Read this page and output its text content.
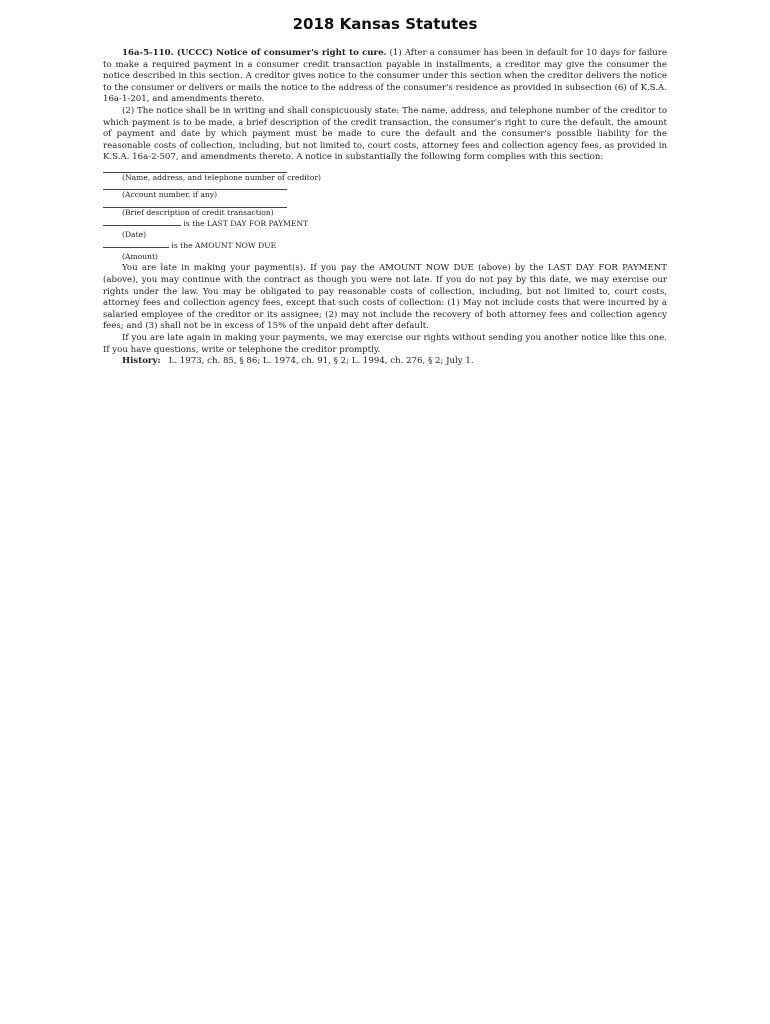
2018 Kansas Statutes

16a-5-110. (UCCC) Notice of consumer's right to cure. (1) After a consumer has been in default for 10 days for failure to make a required payment in a consumer credit transaction payable in installments, a creditor may give the consumer the notice described in this section. A creditor gives notice to the consumer under this section when the creditor delivers the notice to the consumer or delivers or mails the notice to the address of the consumer's residence as provided in subsection (6) of K.S.A. 16a-1-201, and amendments thereto.

(2) The notice shall be in writing and shall conspicuously state: The name, address, and telephone number of the creditor to which payment is to be made, a brief description of the credit transaction, the consumer's right to cure the default, the amount of payment and date by which payment must be made to cure the default and the consumer's possible liability for the reasonable costs of collection, including, but not limited to, court costs, attorney fees and collection agency fees, as provided in K.S.A. 16a-2-507, and amendments thereto. A notice in substantially the following form complies with this section:

(Name, address, and telephone number of creditor)
(Account number, if any)
(Brief description of credit transaction)
is the LAST DAY FOR PAYMENT
(Date)
is the AMOUNT NOW DUE
(Amount)

You are late in making your payment(s). If you pay the AMOUNT NOW DUE (above) by the LAST DAY FOR PAYMENT (above), you may continue with the contract as though you were not late. If you do not pay by this date, we may exercise our rights under the law. You may be obligated to pay reasonable costs of collection, including, but not limited to, court costs, attorney fees and collection agency fees, except that such costs of collection: (1) May not include costs that were incurred by a salaried employee of the creditor or its assignee; (2) may not include the recovery of both attorney fees and collection agency fees; and (3) shall not be in excess of 15% of the unpaid debt after default.

If you are late again in making your payments, we may exercise our rights without sending you another notice like this one. If you have questions, write or telephone the creditor promptly.

History: L. 1973, ch. 85, § 86; L. 1974, ch. 91, § 2; L. 1994, ch. 276, § 2; July 1.
